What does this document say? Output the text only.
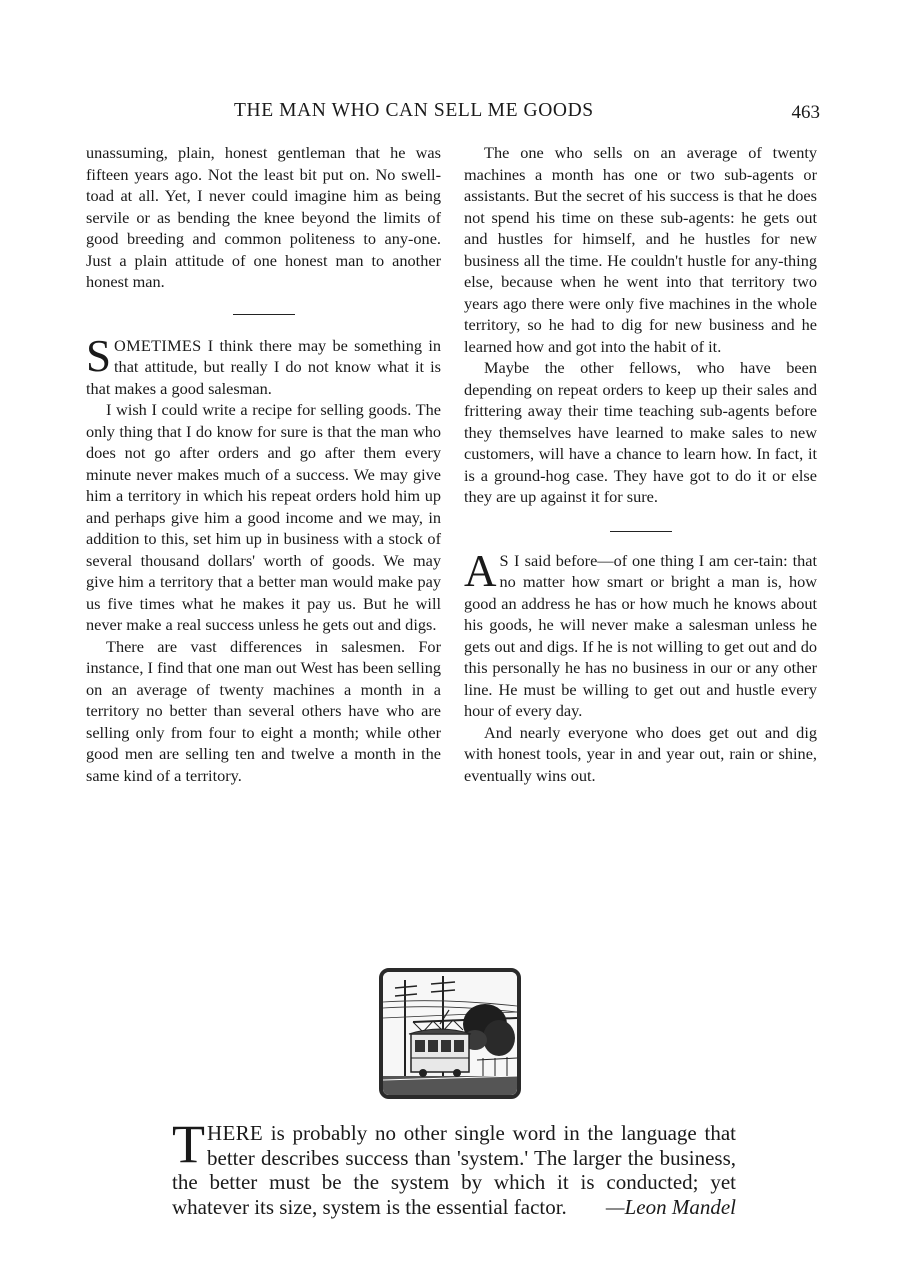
THE MAN WHO CAN SELL ME GOODS	463

unassuming, plain, honest gentleman that he was fifteen years ago. Not the least bit put on. No swell-toad at all. Yet, I never could imagine him as being servile or as bending the knee beyond the limits of good breeding and common politeness to any-one. Just a plain attitude of one honest man to another honest man.

SOMETIMES I think there may be something in that attitude, but really I do not know what it is that makes a good salesman.

I wish I could write a recipe for selling goods. The only thing that I do know for sure is that the man who does not go after orders and go after them every minute never makes much of a success. We may give him a territory in which his repeat orders hold him up and perhaps give him a good income and we may, in addition to this, set him up in business with a stock of several thousand dollars' worth of goods. We may give him a territory that a better man would make pay us five times what he makes it pay us. But he will never make a real success unless he gets out and digs.

There are vast differences in salesmen. For instance, I find that one man out West has been selling on an average of twenty machines a month in a territory no better than several others have who are selling only from four to eight a month; while other good men are selling ten and twelve a month in the same kind of a territory.

The one who sells on an average of twenty machines a month has one or two sub-agents or assistants. But the secret of his success is that he does not spend his time on these sub-agents: he gets out and hustles for himself, and he hustles for new business all the time. He couldn't hustle for any-thing else, because when he went into that territory two years ago there were only five machines in the whole territory, so he had to dig for new business and he learned how and got into the habit of it.

Maybe the other fellows, who have been depending on repeat orders to keep up their sales and frittering away their time teaching sub-agents before they themselves have learned to make sales to new customers, will have a chance to learn how. In fact, it is a ground-hog case. They have got to do it or else they are up against it for sure.

A S I said before—of one thing I am cer-tain: that no matter how smart or bright a man is, how good an address he has or how much he knows about his goods, he will never make a salesman unless he gets out and digs. If he is not willing to get out and do this personally he has no business in our or any other line. He must be willing to get out and hustle every hour of every day.

And nearly everyone who does get out and dig with honest tools, year in and year out, rain or shine, eventually wins out.

THERE is probably no other single word in the language that better describes success than 'system.' The larger the business, the better must be the system by which it is conducted; yet whatever its size, system is the essential factor. —Leon Mandel
